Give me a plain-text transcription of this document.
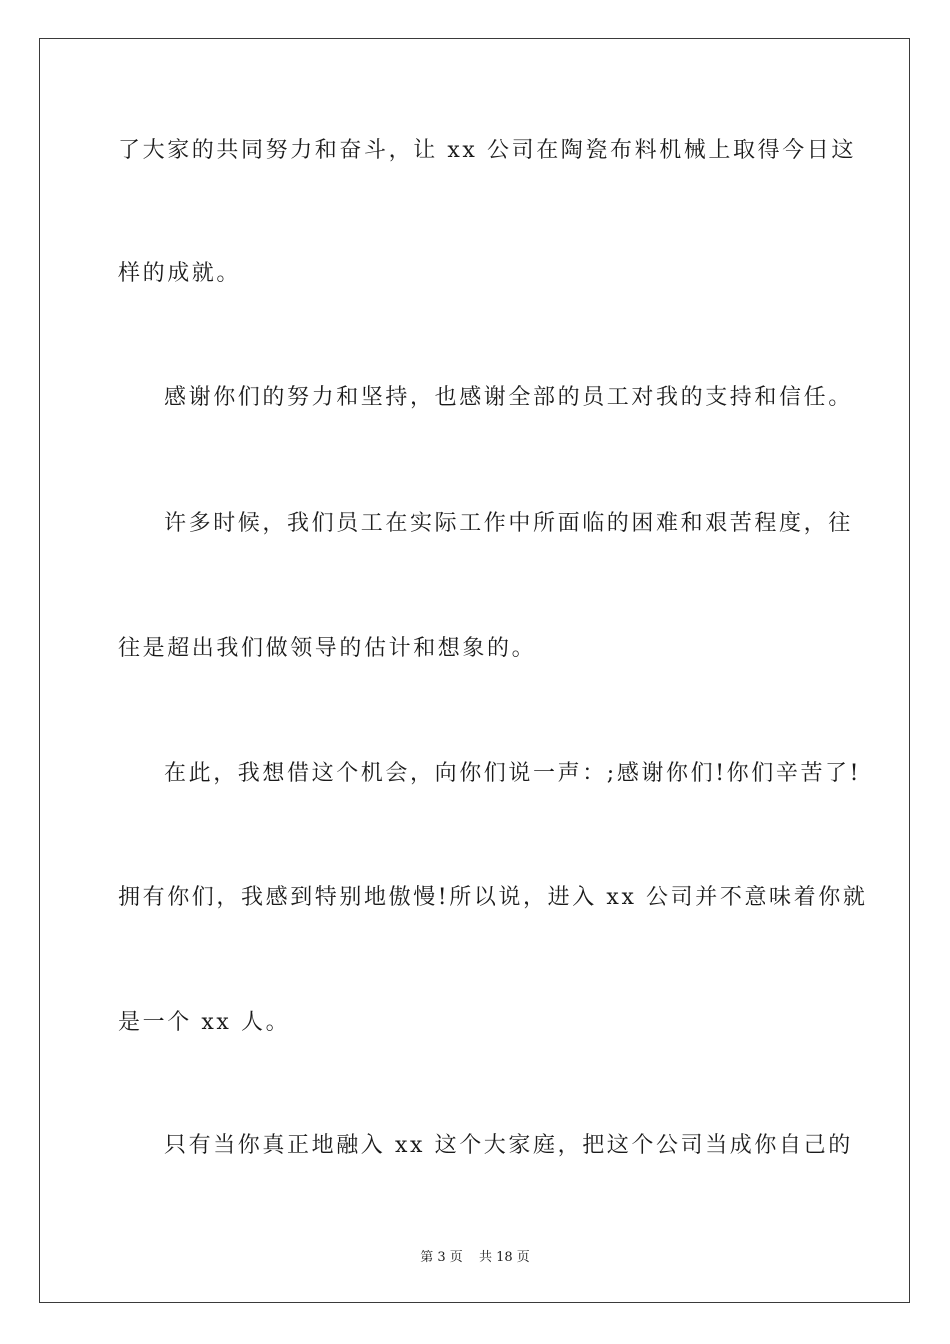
了大家的共同努力和奋斗，让 xx 公司在陶瓷布料机械上取得今日这
样的成就。
感谢你们的努力和坚持，也感谢全部的员工对我的支持和信任。
许多时候，我们员工在实际工作中所面临的困难和艰苦程度，往
往是超出我们做领导的估计和想象的。
在此，我想借这个机会，向你们说一声：;感谢你们!你们辛苦了!
拥有你们，我感到特别地傲慢!所以说，进入 xx 公司并不意味着你就
是一个 xx 人。
只有当你真正地融入 xx 这个大家庭，把这个公司当成你自己的
第 3 页 共 18 页
